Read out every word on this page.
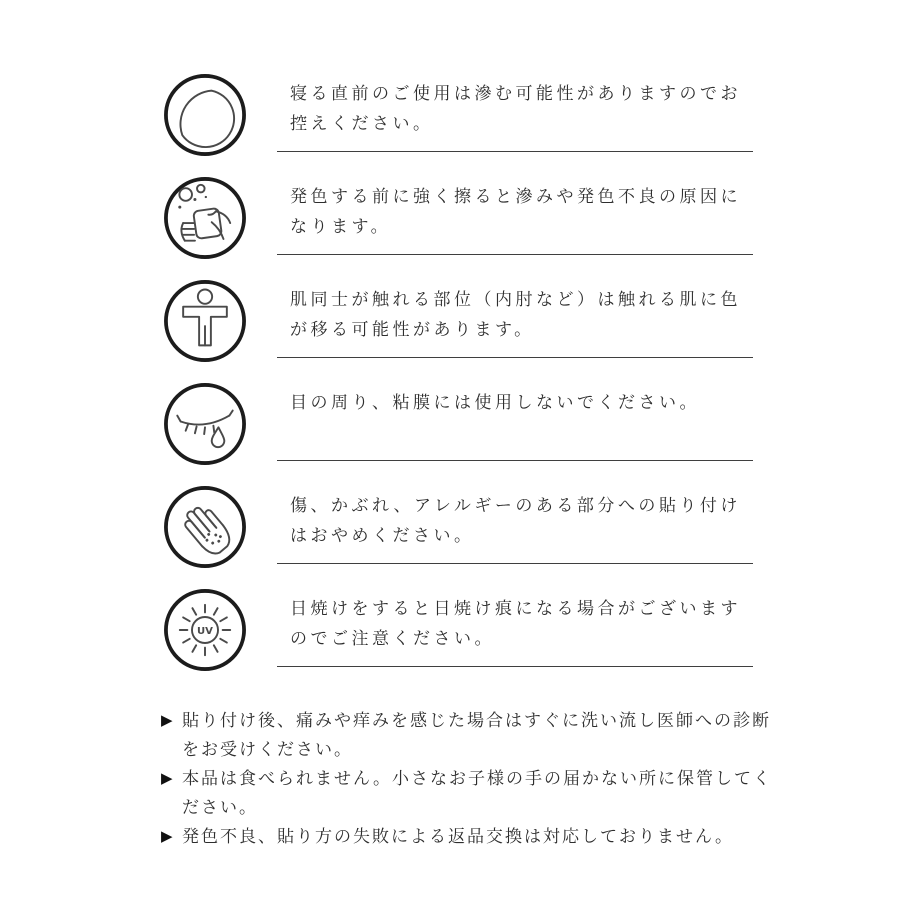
寝る直前のご使用は滲む可能性がありますのでお控えください。
発色する前に強く擦ると滲みや発色不良の原因になります。
肌同士が触れる部位（内肘など）は触れる肌に色が移る可能性があります。
目の周り、粘膜には使用しないでください。
傷、かぶれ、アレルギーのある部分への貼り付けはおやめください。
UV
日焼けをすると日焼け痕になる場合がございますのでご注意ください。
▶ 貼り付け後、痛みや痒みを感じた場合はすぐに洗い流し医師への診断をお受けください。
▶ 本品は食べられません。小さなお子様の手の届かない所に保管してください。
▶ 発色不良、貼り方の失敗による返品交換は対応しておりません。
